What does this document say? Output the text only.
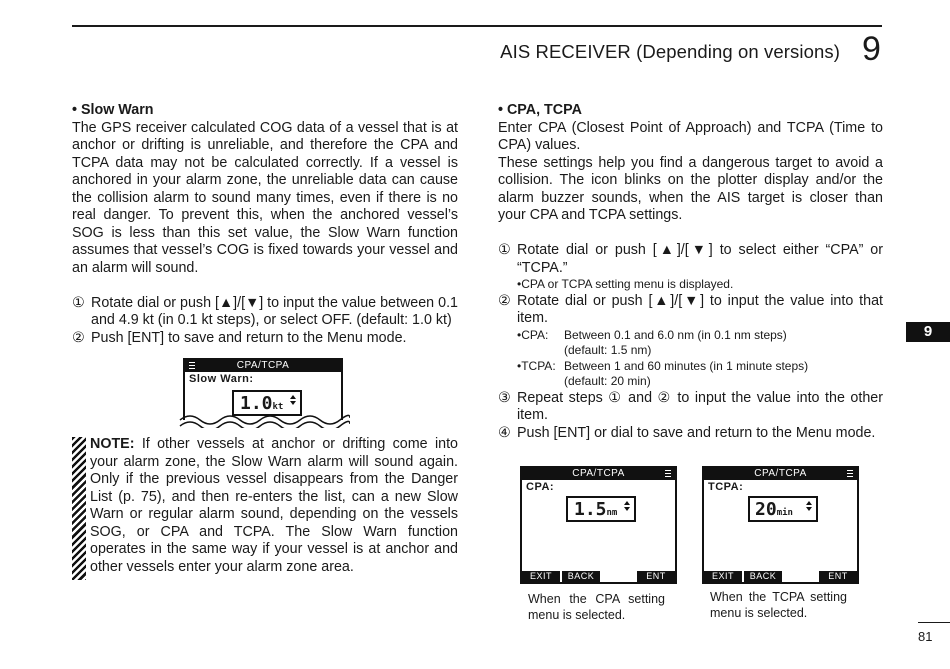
AIS RECEIVER (Depending on versions) 9
9
• Slow Warn

The GPS receiver calculated COG data of a vessel that is at anchor or drifting is unreliable, and therefore the CPA and TCPA data may not be calculated correctly. If a vessel is anchored in your alarm zone, the unreliable data can cause the collision alarm to sound many times, even if there is no real danger. To prevent this, when the anchored vessel’s SOG is less than this set value, the Slow Warn function assumes that vessel’s COG is fixed towards your vessel and an alarm will sound.

① Rotate dial or push [▲]/[▼] to input the value between 0.1 and 4.9 kt (in 0.1 kt steps), or select OFF. (default: 1.0 kt)
② Push [ENT] to save and return to the Menu mode.
CPA/TCPA
Slow Warn:
1.0kt
NOTE: If other vessels at anchor or drifting come into your alarm zone, the Slow Warn alarm will sound again. Only if the previous vessel disappears from the Danger List (p. 75), and then re-enters the list, can a new Slow Warn or regular alarm sound, depending on the vessels SOG, or CPA and TCPA. The Slow Warn function operates in the same way if your vessel is at anchor and other vessels enter your alarm zone area.
• CPA, TCPA

Enter CPA (Closest Point of Approach) and TCPA (Time to CPA) values.

These settings help you find a dangerous target to avoid a collision. The icon blinks on the plotter display and/or the alarm buzzer sounds, when the AIS target is closer than your CPA and TCPA settings.

① Rotate dial or push [▲]/[▼] to select either “CPA” or “TCPA.”
•CPA or TCPA setting menu is displayed.
② Rotate dial or push [▲]/[▼] to input the value into that item.
•CPA:	Between 0.1 and 6.0 nm (in 0.1 nm steps)
(default: 1.5 nm)
•TCPA: Between 1 and 60 minutes (in 1 minute steps)
(default: 20 min)
③ Repeat steps ① and ② to input the value into the other item.
④ Push [ENT] or dial to save and return to the Menu mode.
CPA/TCPA
CPA:
1.5nm
EXIT	BACK	ENT
When the CPA setting menu is selected.
CPA/TCPA
TCPA:
20min
EXIT	BACK	ENT
When the TCPA setting menu is selected.
81
